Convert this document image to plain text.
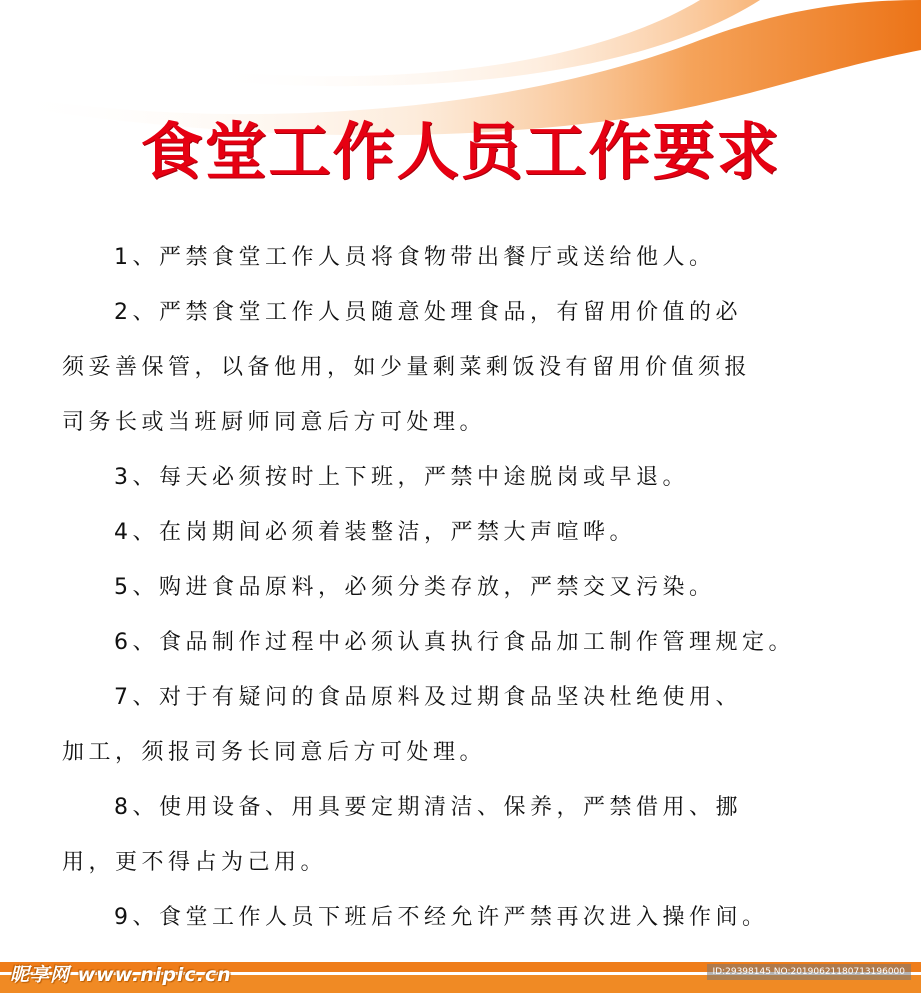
食堂工作人员工作要求
1、严禁食堂工作人员将食物带出餐厅或送给他人。
2、严禁食堂工作人员随意处理食品，有留用价值的必
须妥善保管，以备他用，如少量剩菜剩饭没有留用价值须报
司务长或当班厨师同意后方可处理。
3、每天必须按时上下班，严禁中途脱岗或早退。
4、在岗期间必须着装整洁，严禁大声喧哗。
5、购进食品原料，必须分类存放，严禁交叉污染。
6、食品制作过程中必须认真执行食品加工制作管理规定。
7、对于有疑问的食品原料及过期食品坚决杜绝使用、
加工，须报司务长同意后方可处理。
8、使用设备、用具要定期清洁、保养，严禁借用、挪
用，更不得占为己用。
9、食堂工作人员下班后不经允许严禁再次进入操作间。
昵享网 www.nipic.cn	ID:29398145 NO:20190621180713196000
